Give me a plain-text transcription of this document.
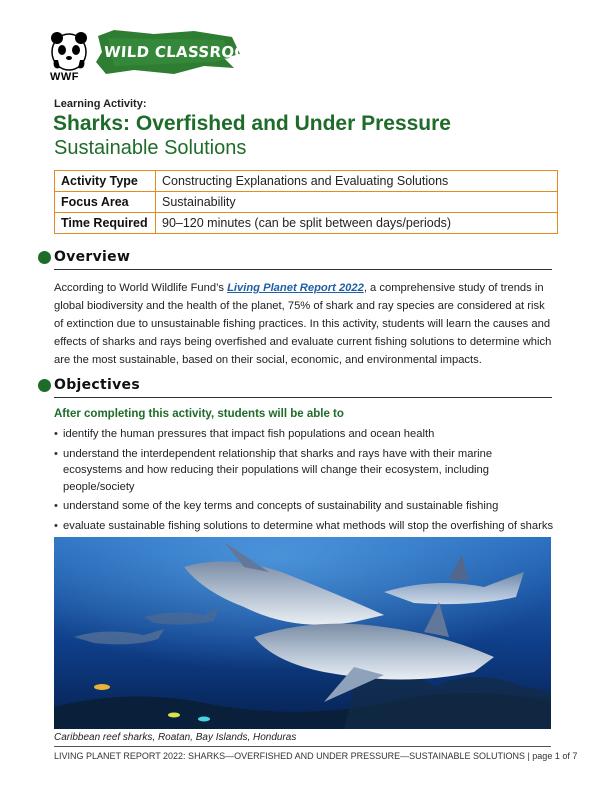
WWF
WILD CLASSROOM
Learning Activity:
Sharks: Overfished and Under Pressure
Sustainable Solutions
Activity Type	Constructing Explanations and Evaluating Solutions
Focus Area	Sustainability
Time Required	90–120 minutes (can be split between days/periods)
Overview
According to World Wildlife Fund’s Living Planet Report 2022, a comprehensive study of trends in global biodiversity and the health of the planet, 75% of shark and ray species are considered at risk of extinction due to unsustainable fishing practices. In this activity, students will learn the causes and effects of sharks and rays being overfished and evaluate current fishing solutions to determine which are the most sustainable, based on their social, economic, and environmental impacts.
Objectives
After completing this activity, students will be able to
• identify the human pressures that impact fish populations and ocean health
• understand the interdependent relationship that sharks and rays have with their marine ecosystems and how reducing their populations will change their ecosystem, including people/society
• understand some of the key terms and concepts of sustainability and sustainable fishing
• evaluate sustainable fishing solutions to determine what methods will stop the overfishing of sharks
Caribbean reef sharks, Roatan, Bay Islands, Honduras
LIVING PLANET REPORT 2022: SHARKS—OVERFISHED AND UNDER PRESSURE—SUSTAINABLE SOLUTIONS | page 1 of 7
